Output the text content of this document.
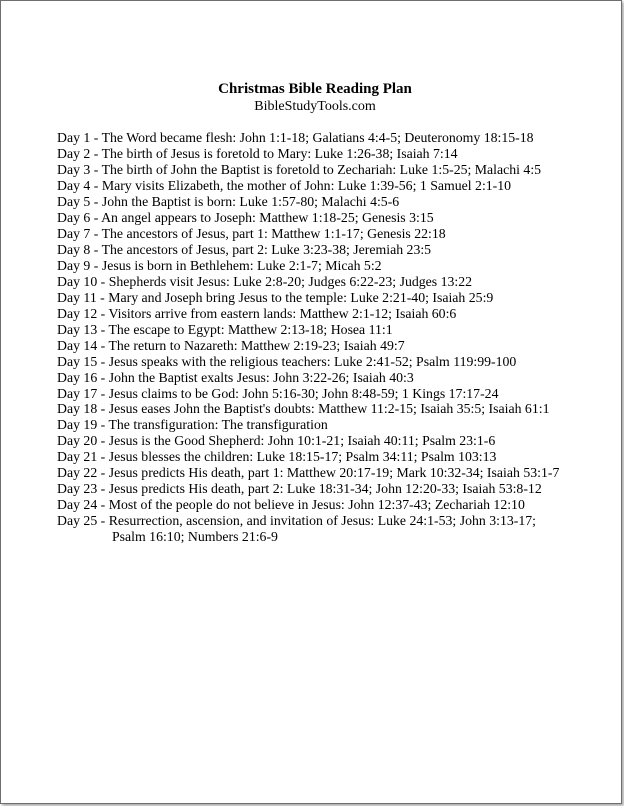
Christmas Bible Reading Plan
BibleStudyTools.com
Day 1 - The Word became flesh: John 1:1-18; Galatians 4:4-5; Deuteronomy 18:15-18
Day 2 - The birth of Jesus is foretold to Mary: Luke 1:26-38; Isaiah 7:14
Day 3 - The birth of John the Baptist is foretold to Zechariah: Luke 1:5-25; Malachi 4:5
Day 4 - Mary visits Elizabeth, the mother of John: Luke 1:39-56; 1 Samuel 2:1-10
Day 5 - John the Baptist is born: Luke 1:57-80; Malachi 4:5-6
Day 6 - An angel appears to Joseph: Matthew 1:18-25; Genesis 3:15
Day 7 - The ancestors of Jesus, part 1: Matthew 1:1-17; Genesis 22:18
Day 8 - The ancestors of Jesus, part 2: Luke 3:23-38; Jeremiah 23:5
Day 9 - Jesus is born in Bethlehem: Luke 2:1-7; Micah 5:2
Day 10 - Shepherds visit Jesus: Luke 2:8-20; Judges 6:22-23; Judges 13:22
Day 11 - Mary and Joseph bring Jesus to the temple: Luke 2:21-40; Isaiah 25:9
Day 12 - Visitors arrive from eastern lands: Matthew 2:1-12; Isaiah 60:6
Day 13 - The escape to Egypt: Matthew 2:13-18; Hosea 11:1
Day 14 - The return to Nazareth: Matthew 2:19-23; Isaiah 49:7
Day 15 - Jesus speaks with the religious teachers: Luke 2:41-52; Psalm 119:99-100
Day 16 - John the Baptist exalts Jesus: John 3:22-26; Isaiah 40:3
Day 17 - Jesus claims to be God: John 5:16-30; John 8:48-59; 1 Kings 17:17-24
Day 18 - Jesus eases John the Baptist's doubts: Matthew 11:2-15; Isaiah 35:5; Isaiah 61:1
Day 19 - The transfiguration: The transfiguration
Day 20 - Jesus is the Good Shepherd: John 10:1-21; Isaiah 40:11; Psalm 23:1-6
Day 21 - Jesus blesses the children: Luke 18:15-17; Psalm 34:11; Psalm 103:13
Day 22 - Jesus predicts His death, part 1: Matthew 20:17-19; Mark 10:32-34; Isaiah 53:1-7
Day 23 - Jesus predicts His death, part 2: Luke 18:31-34; John 12:20-33; Isaiah 53:8-12
Day 24 - Most of the people do not believe in Jesus: John 12:37-43; Zechariah 12:10
Day 25 - Resurrection, ascension, and invitation of Jesus: Luke 24:1-53; John 3:13-17;
Psalm 16:10; Numbers 21:6-9
